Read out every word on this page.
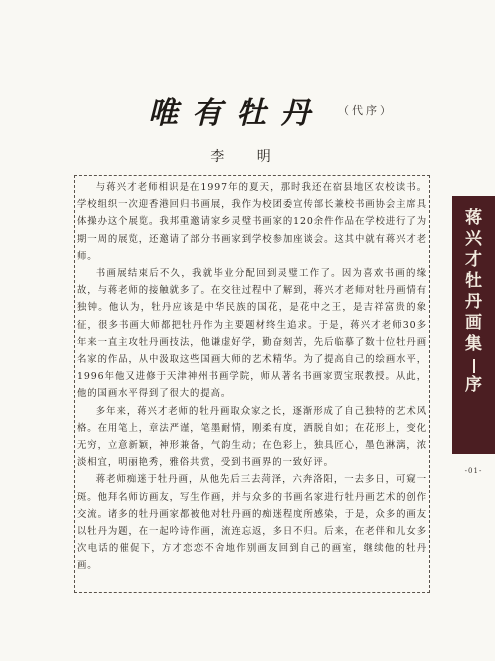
唯有牡丹	（代序）
李 明

与蒋兴才老师相识是在1997年的夏天，那时我还在宿县地区农校读书。学校组织一次迎香港回归书画展，我作为校团委宣传部长兼校书画协会主席具体操办这个展览。我邦重邀请家乡灵璧书画家的120余件作品在学校进行了为期一周的展览，还邀请了部分书画家到学校参加座谈会。这其中就有蒋兴才老师。

书画展结束后不久，我就毕业分配回到灵璧工作了。因为喜欢书画的缘故，与蒋老师的接触就多了。在交往过程中了解到，蒋兴才老师对牡丹画情有独钟。他认为，牡丹应该是中华民族的国花，是花中之王，是吉祥富贵的象征，很多书画大师都把牡丹作为主要题材终生追求。于是，蒋兴才老师30多年来一直主攻牡丹画技法，他谦虚好学，勤奋刻苦，先后临摹了数十位牡丹画名家的作品，从中汲取这些国画大师的艺术精华。为了提高自己的绘画水平，1996年他又进修于天津神州书画学院，师从著名书画家贾宝珉教授。从此，他的国画水平得到了很大的提高。

多年来，蒋兴才老师的牡丹画取众家之长，逐渐形成了自己独特的艺术风格。在用笔上，章法严谨，笔墨耐情，刚柔有度，洒脱自如；在花形上，变化无穷，立意新颖，神形兼备，气韵生动；在色彩上，独具匠心，墨色淋漓，浓淡相宜，明丽艳秀，雅俗共赏，受到书画界的一致好评。

蒋老师痴迷于牡丹画，从他先后三去菏泽，六奔洛阳，一去多日，可窥一斑。他拜名师访画友，写生作画，并与众多的书画名家进行牡丹画艺术的创作交流。诸多的牡丹画家都被他对牡丹画的痴迷程度所感染，于是，众多的画友以牡丹为题，在一起吟诗作画，流连忘返，多日不归。后来，在老伴和儿女多次电话的催促下，方才恋恋不舍地作别画友回到自己的画室，继续他的牡丹画。

蒋
兴
才
牡
丹
画
集
序
-01-
